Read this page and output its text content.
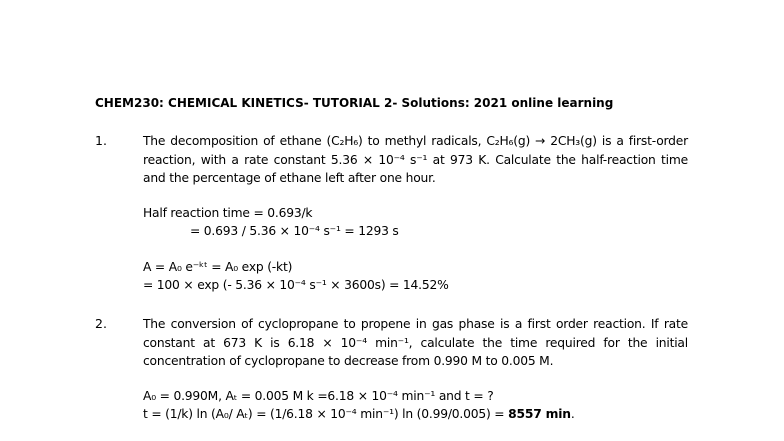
CHEM230: CHEMICAL KINETICS- TUTORIAL 2- Solutions: 2021 online learning
1.	The decomposition of ethane (C₂H₆) to methyl radicals, C₂H₆(g) → 2CH₃(g) is a first-order reaction, with a rate constant 5.36 × 10⁻⁴ s⁻¹ at 973 K. Calculate the half-reaction time and the percentage of ethane left after one hour.
Half reaction time = 0.693/k
= 0.693 / 5.36 × 10⁻⁴ s⁻¹ = 1293 s
A = A₀ e⁻ᵏᵗ = A₀ exp (-kt)
= 100 × exp (- 5.36 × 10⁻⁴ s⁻¹ × 3600s) = 14.52%
2.	The conversion of cyclopropane to propene in gas phase is a first order reaction. If rate constant at 673 K is 6.18 × 10⁻⁴ min⁻¹, calculate the time required for the initial concentration of cyclopropane to decrease from 0.990 M to 0.005 M.
A₀ = 0.990M, Aₜ = 0.005 M k =6.18 × 10⁻⁴ min⁻¹ and t = ?
t = (1/k) ln (A₀/ Aₜ) = (1/6.18 × 10⁻⁴ min⁻¹) ln (0.99/0.005) = 8557 min.
